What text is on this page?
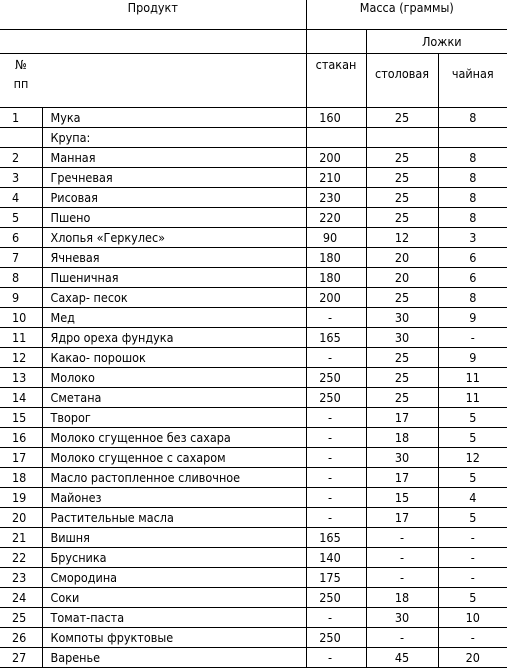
Продукт		Масса (граммы)		
			Ложки	

№
пп		стакан	столовая	чайная
1	Мука	160	25	8
	Крупа:			
2	Манная	200	25	8
3	Гречневая	210	25	8
4	Рисовая	230	25	8
5	Пшено	220	25	8
6	Хлопья «Геркулес»	90	12	3
7	Ячневая	180	20	6
8	Пшеничная	180	20	6
9	Сахар- песок	200	25	8
10	Мед	-	30	9
11	Ядро ореха фундука	165	30	-
12	Какао- порошок	-	25	9
13	Молоко	250	25	11
14	Сметана	250	25	11
15	Творог	-	17	5
16	Молоко сгущенное без сахара	-	18	5
17	Молоко сгущенное с сахаром	-	30	12
18	Масло растопленное сливочное	-	17	5
19	Майонез	-	15	4
20	Растительные масла	-	17	5
21	Вишня	165	-	-
22	Брусника	140	-	-
23	Смородина	175	-	-
24	Соки	250	18	5
25	Томат-паста	-	30	10
26	Компоты фруктовые	250	-	-
27	Варенье	-	45	20
